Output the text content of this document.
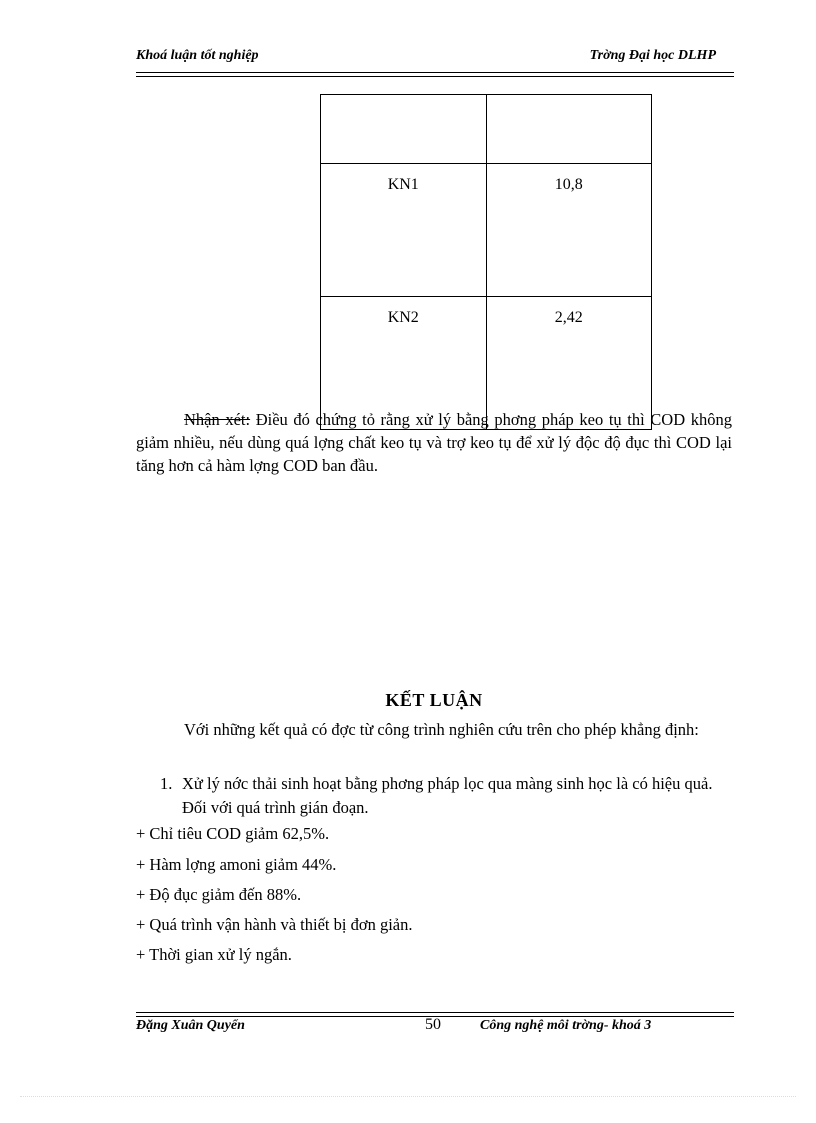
Khoá luận tốt nghiệp	Trờng Đại học DLHP

KN1	10,8
KN2	2,42
Nhận xét: Điều đó chứng tỏ rằng xử lý bằng phơng pháp keo tụ thì COD không giảm nhiều, nếu dùng quá lợng chất keo tụ và trợ keo tụ để xử lý độc độ đục thì COD lại tăng hơn cả hàm lợng COD ban đầu.
KẾT LUẬN
Với những kết quả có đợc từ công trình nghiên cứu trên cho phép khẳng định:
1. Xử lý nớc thải sinh hoạt bằng phơng pháp lọc qua màng sinh học là có hiệu quả. Đối với quá trình gián đoạn.
+ Chỉ tiêu COD giảm 62,5%.
+ Hàm lợng amoni giảm 44%.
+ Độ đục giảm đến 88%.
+ Quá trình vận hành và thiết bị đơn giản.
+ Thời gian xử lý ngắn.
Đặng Xuân Quyển	50	Công nghệ môi trờng- khoá 3
